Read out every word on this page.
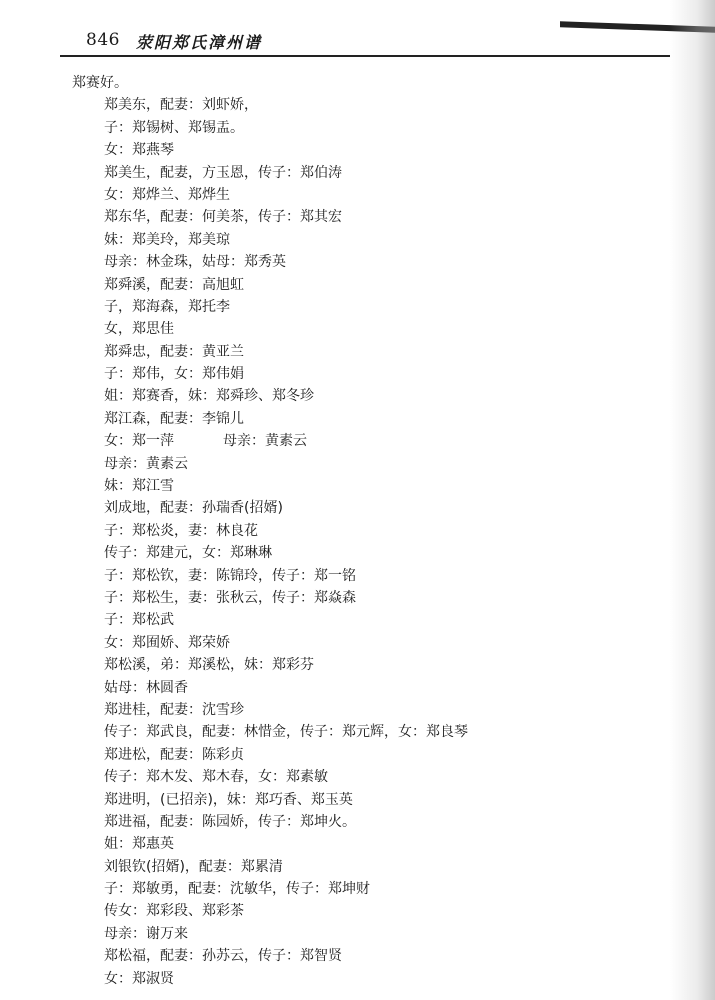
846 荥阳郑氏漳州谱
郑赛好。
郑美东，配妻：刘虾娇，
子：郑锡树、郑锡盂。
女：郑燕琴
郑美生，配妻，方玉恩，传子：郑伯涛
女：郑烨兰、郑烨生
郑东华，配妻：何美茶，传子：郑其宏
妹：郑美玲，郑美琼
母亲：林金珠，姑母：郑秀英
郑舜溪，配妻：高旭虹
子，郑海森，郑托李
女，郑思佳
郑舜忠，配妻：黄亚兰
子：郑伟，女：郑伟娟
姐：郑赛香，妹：郑舜珍、郑冬珍
郑江森，配妻：李锦儿
女：郑一萍           母亲：黄素云
母亲：黄素云
妹：郑江雪
刘成地，配妻：孙瑞香(招婿)
子：郑松炎，妻：林良花
传子：郑建元，女：郑琳琳
子：郑松钦，妻：陈锦玲，传子：郑一铭
子：郑松生，妻：张秋云，传子：郑焱森
子：郑松武
女：郑囿娇、郑荣娇
郑松溪，弟：郑溪松，妹：郑彩芬
姑母：林圆香
郑进桂，配妻：沈雪珍
传子：郑武良，配妻：林惜金，传子：郑元辉，女：郑良琴
郑进松，配妻：陈彩贞
传子：郑木发、郑木春，女：郑素敏
郑进明，(已招亲)，妹：郑巧香、郑玉英
郑进福，配妻：陈园娇，传子：郑坤火。
姐：郑惠英
刘银钦(招婿)，配妻：郑累清
子：郑敏勇，配妻：沈敏华，传子：郑坤财
传女：郑彩段、郑彩茶
母亲：谢万来
郑松福，配妻：孙苏云，传子：郑智贤
女：郑淑贤
